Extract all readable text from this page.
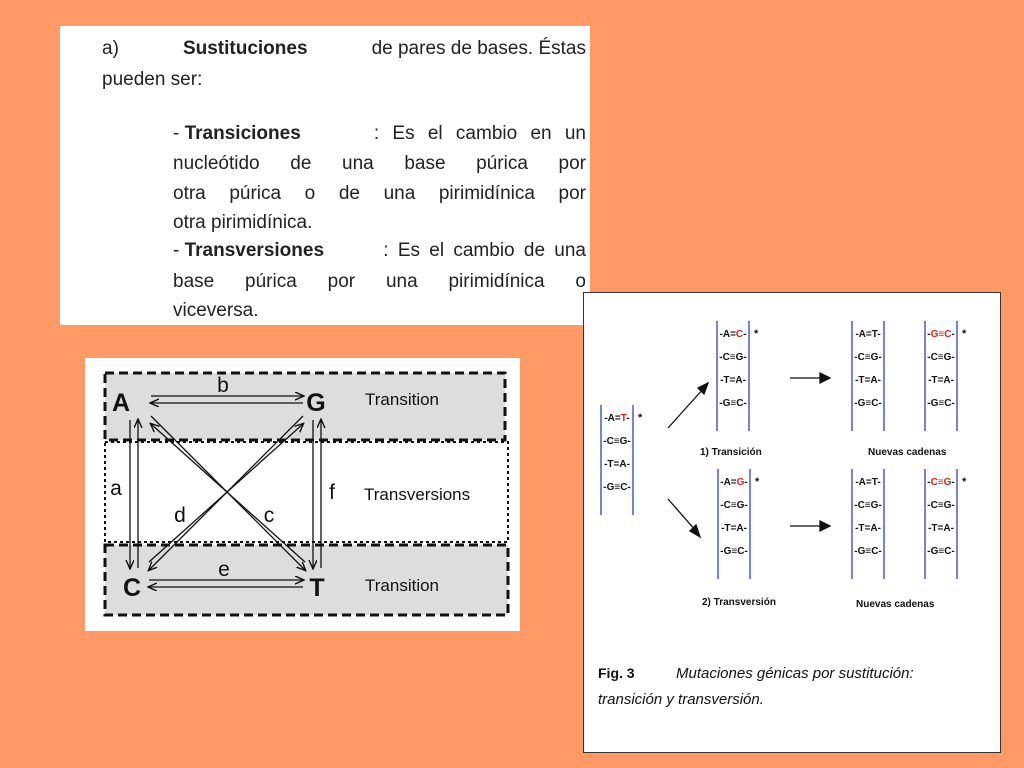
a)	Sustituciones	de pares de bases. Éstas
pueden ser:
- Transiciones	: Es el cambio en un
nucleótido de una base púrica por
otra púrica o de una pirimidínica por
otra pirimidínica.
- Transversiones	: Es el cambio de una
base púrica por una pirimidínica o
viceversa.
A	G
C	T
a
b
c
d
e
f
Transition
Transversions
Transition
-A=T- *
-C≡G-
-T=A-
-G≡C-
-A=C- *
-C≡G-
-T=A-
-G≡C-
-A=T-
-C≡G-
-T=A-
-G≡C-
-G≡C- *
-C≡G-
-T=A-
-G≡C-
-A=G- *
-C≡G-
-T=A-
-G≡C-
-A=T-
-C≡G-
-T=A-
-G≡C-
-C≡G- *
-C≡G-
-T=A-
-G≡C-
1) Transición	Nuevas cadenas
2) Transversión	Nuevas cadenas
Fig. 3	Mutaciones génicas por sustitución:
transición y transversión.
